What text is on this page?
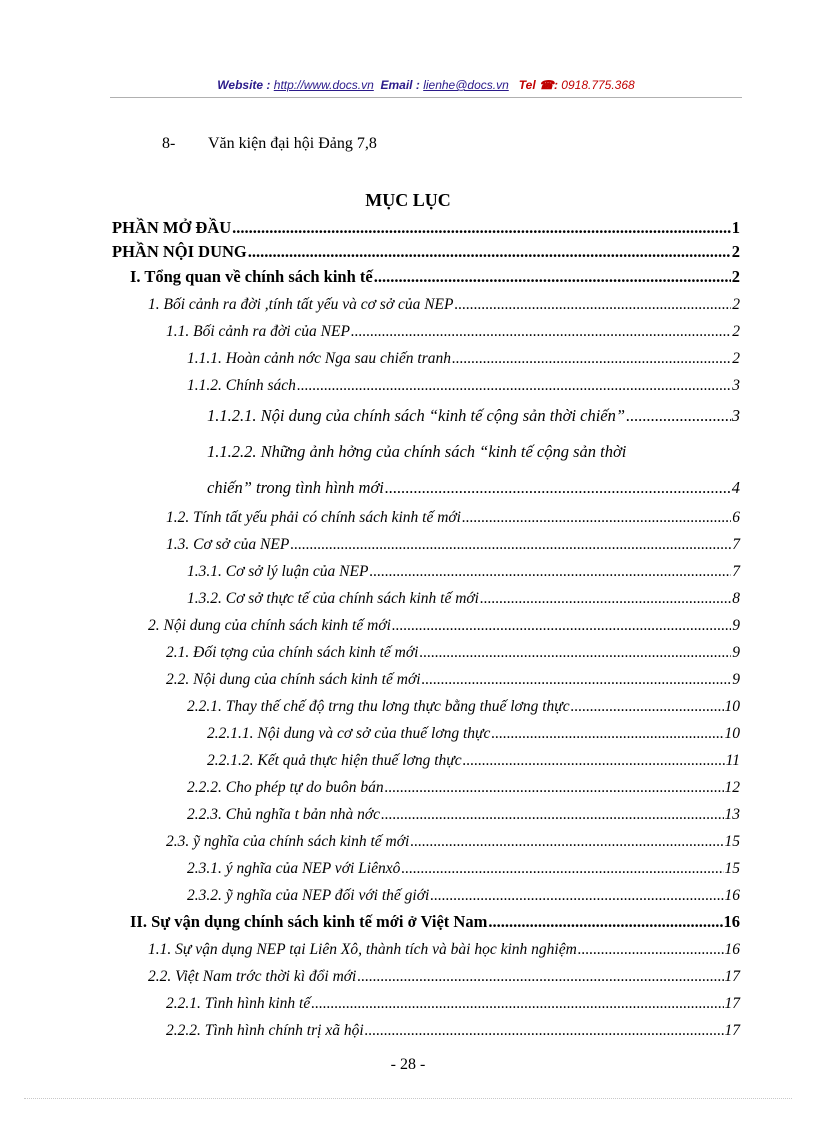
Website : http://www.docs.vn Email : lienhe@docs.vn Tel ☎: 0918.775.368
8- Văn kiện đại hội Đảng 7,8
MỤC LỤC
PHẦN MỞ ĐẦU .....	1
PHẦN NỘI DUNG .....	2
I. Tổng quan về chính sách kinh tế .....	2
1. Bối cảnh ra đời ,tính tất yếu và cơ sở của NEP .....	2
1.1. Bối cảnh ra đời của NEP .....	2
1.1.1. Hoàn cảnh nớc Nga sau chiến tranh .....	2
1.1.2. Chính sách .....	3
1.1.2.1. Nội dung của chính sách “kinh tế cộng sản thời chiến” .....	3
1.1.2.2. Những ảnh hởng của chính sách “kinh tế cộng sản thời
chiến” trong tình hình mới .....	4
1.2. Tính tất yếu phải có chính sách kinh tế mới .....	6
1.3. Cơ sở của NEP .....	7
1.3.1. Cơ sở lý luận của NEP .....	7
1.3.2. Cơ sở thực tế của chính sách kinh tế mới .....	8
2. Nội dung của chính sách kinh tế mới .....	9
2.1. Đối tợng của chính sách kinh tế mới .....	9
2.2. Nội dung của chính sách kinh tế mới .....	9
2.2.1. Thay thế chế độ trng thu lơng thực bằng thuế lơng thực .....	10
2.2.1.1. Nội dung và cơ sở của thuế lơng thực .....	10
2.2.1.2. Kết quả thực hiện thuế lơng thực .....	11
2.2.2. Cho phép tự do buôn bán .....	12
2.2.3. Chủ nghĩa t bản nhà nớc .....	13
2.3. ỹ nghĩa của chính sách kinh tế mới .....	15
2.3.1. ý nghĩa của NEP với Liênxô .....	15
2.3.2. ỹ nghĩa của NEP đối với thế giới .....	16
II. Sự vận dụng chính sách kinh tế mới ở Việt Nam .....	16
1.1. Sự vận dụng NEP tại Liên Xô, thành tích và bài học kinh nghiệm .....	16
2.2. Việt Nam trớc thời kì đổi mới .....	17
2.2.1. Tình hình kinh tế .....	17
2.2.2. Tình hình chính trị xã hội .....	17
- 28 -
